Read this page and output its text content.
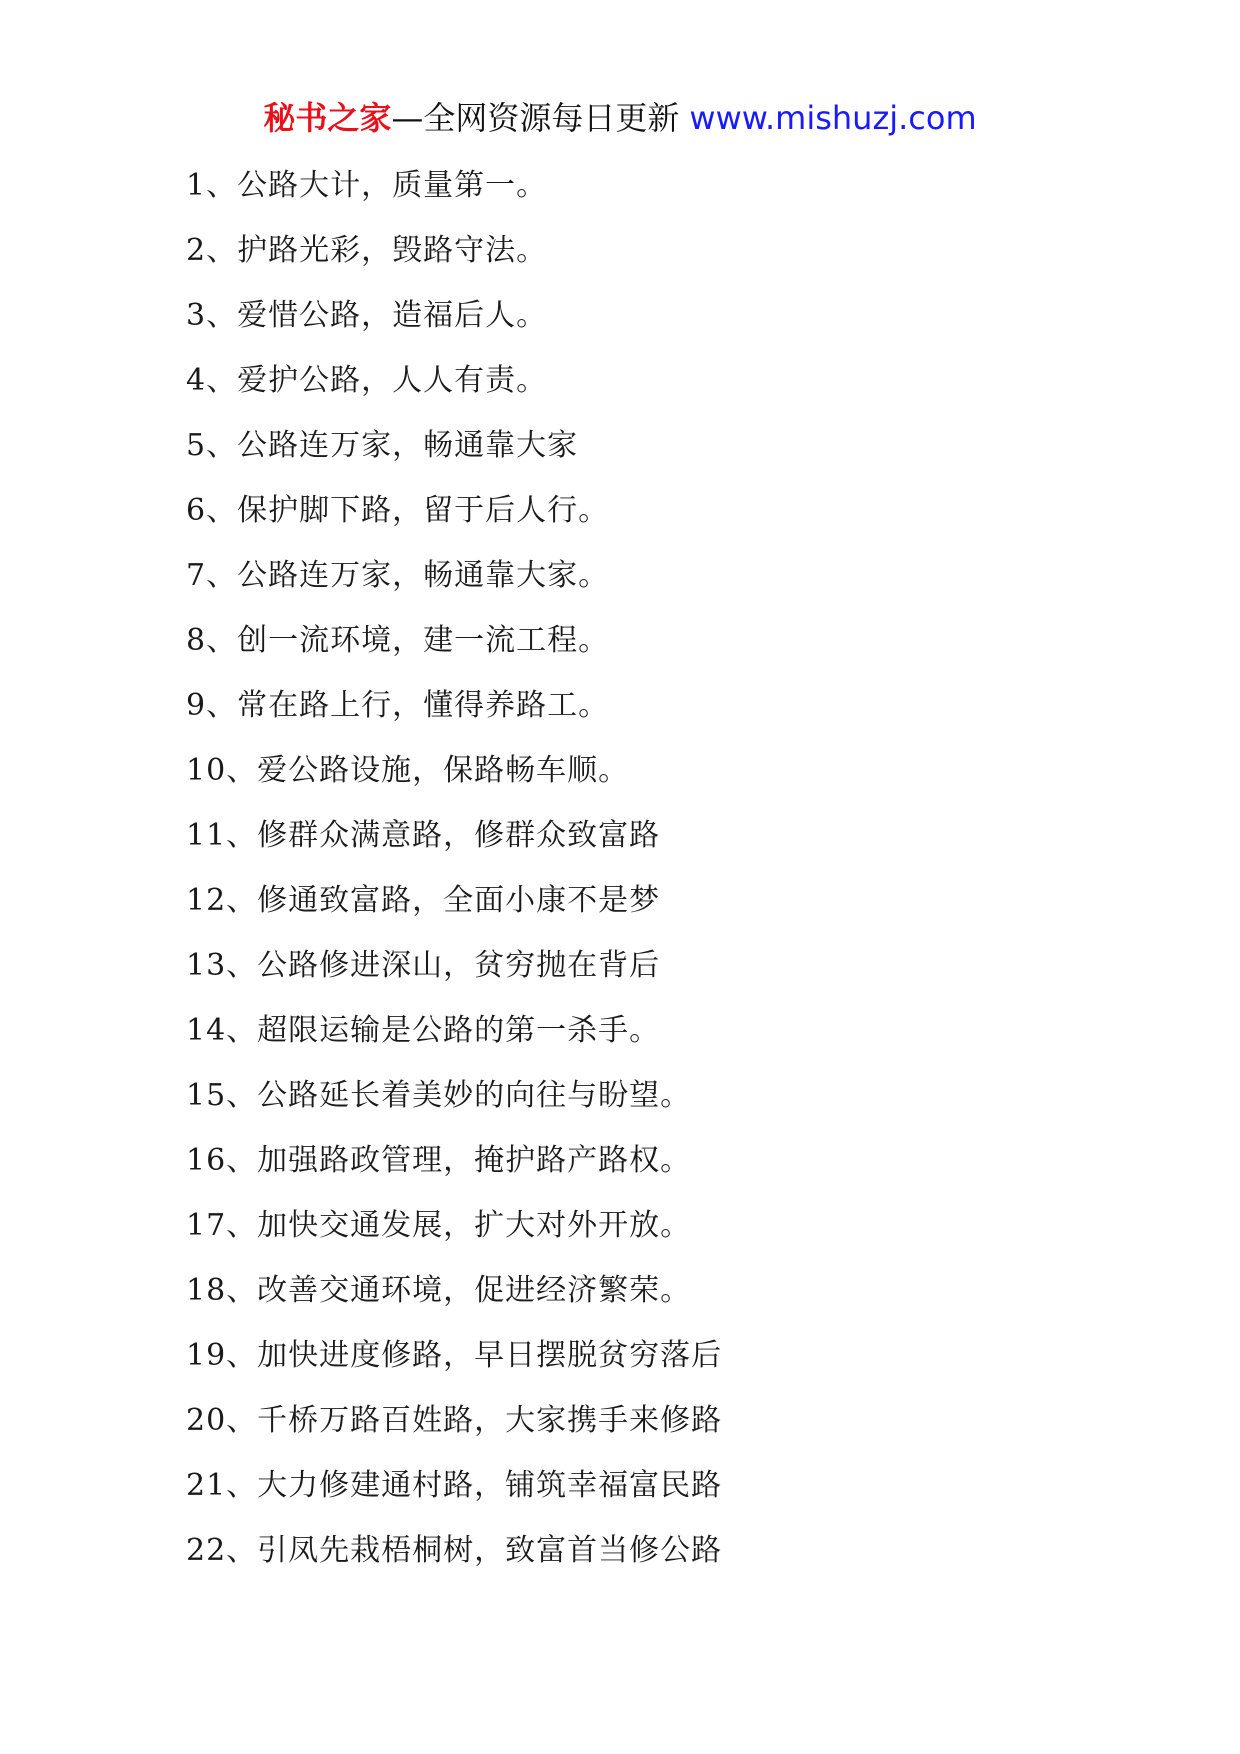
秘书之家—全网资源每日更新 www.mishuzj.com
1、公路大计，质量第一。
2、护路光彩，毁路守法。
3、爱惜公路，造福后人。
4、爱护公路，人人有责。
5、公路连万家，畅通靠大家
6、保护脚下路，留于后人行。
7、公路连万家，畅通靠大家。
8、创一流环境，建一流工程。
9、常在路上行，懂得养路工。
10、爱公路设施，保路畅车顺。
11、修群众满意路，修群众致富路
12、修通致富路，全面小康不是梦
13、公路修进深山，贫穷抛在背后
14、超限运输是公路的第一杀手。
15、公路延长着美妙的向往与盼望。
16、加强路政管理，掩护路产路权。
17、加快交通发展，扩大对外开放。
18、改善交通环境，促进经济繁荣。
19、加快进度修路，早日摆脱贫穷落后
20、千桥万路百姓路，大家携手来修路
21、大力修建通村路，铺筑幸福富民路
22、引凤先栽梧桐树，致富首当修公路
